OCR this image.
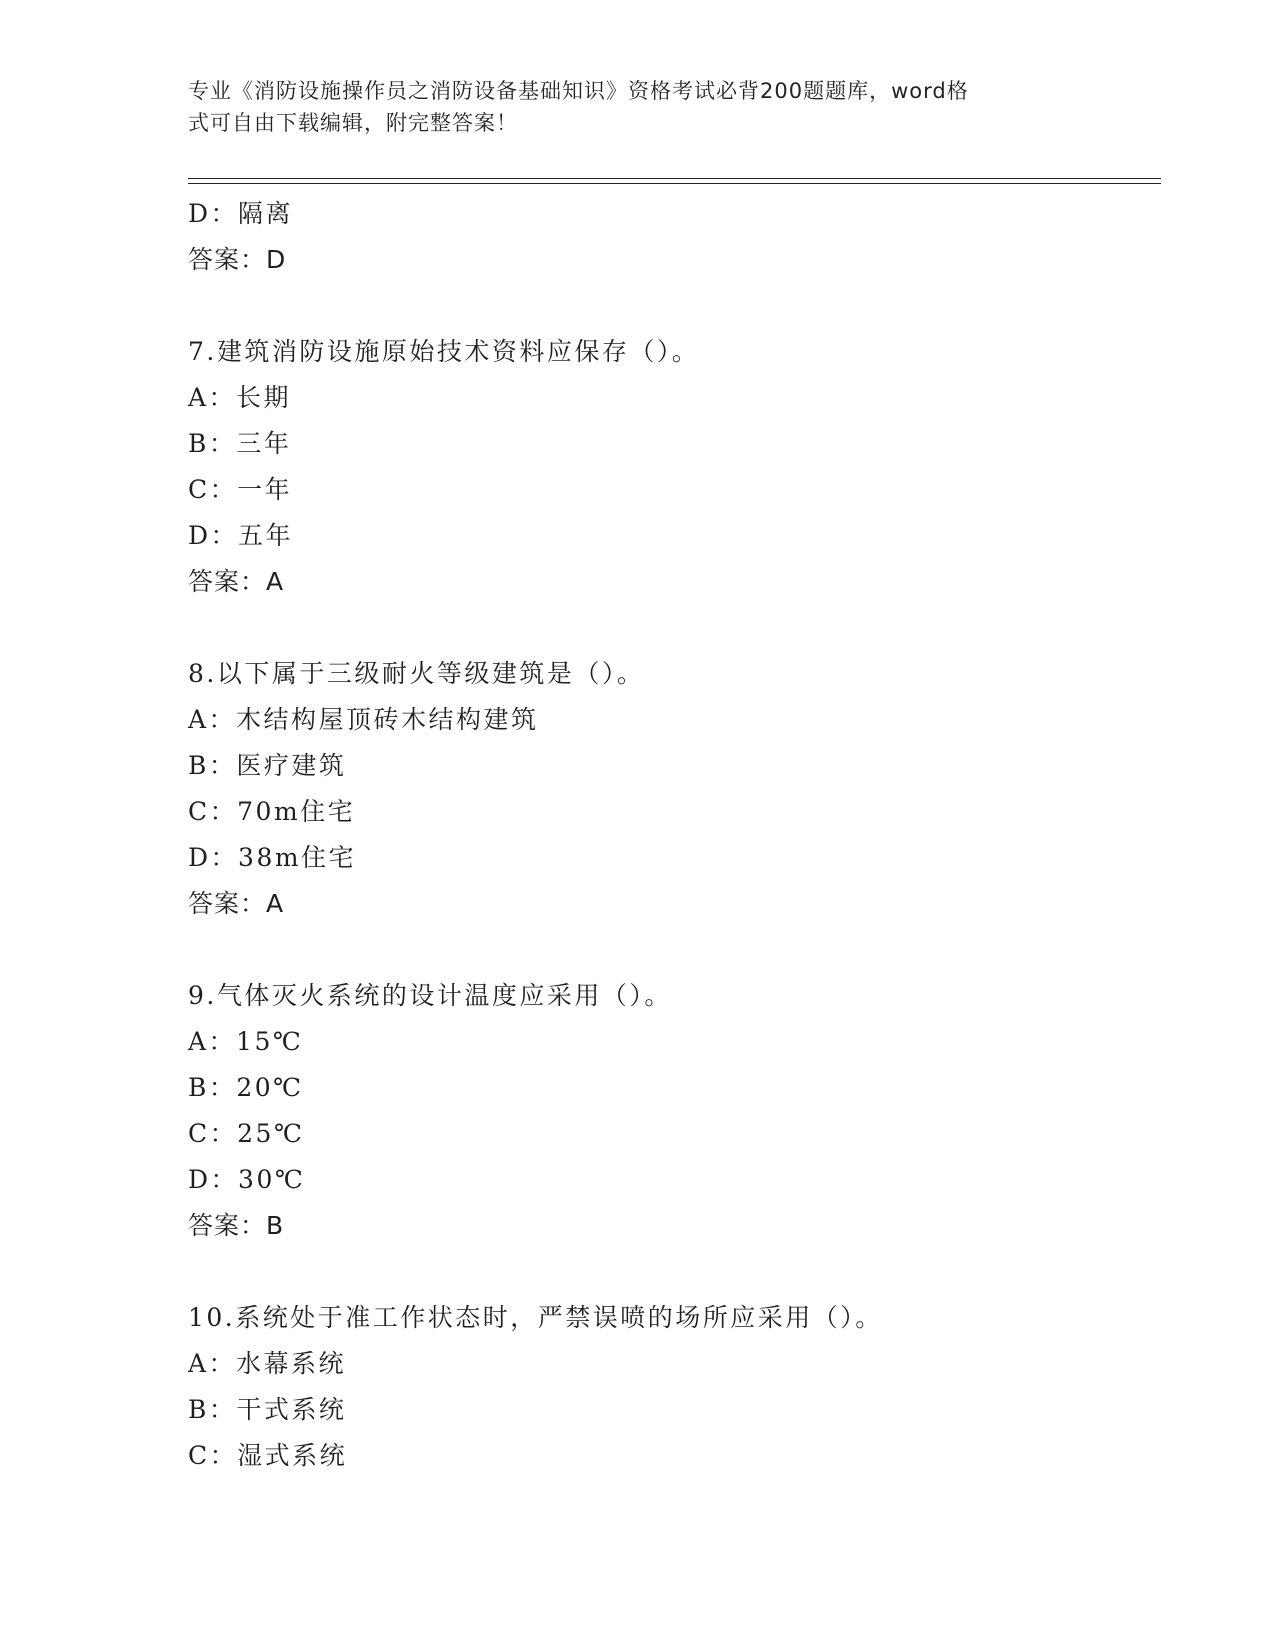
专业《消防设施操作员之消防设备基础知识》资格考试必背200题题库，word格
式可自由下载编辑，附完整答案！
D：隔离
答案：D
7.建筑消防设施原始技术资料应保存（）。
A：长期
B：三年
C：一年
D：五年
答案：A
8.以下属于三级耐火等级建筑是（）。
A：木结构屋顶砖木结构建筑
B：医疗建筑
C：70m住宅
D：38m住宅
答案：A
9.气体灭火系统的设计温度应采用（）。
A：15℃
B：20℃
C：25℃
D：30℃
答案：B
10.系统处于准工作状态时，严禁误喷的场所应采用（）。
A：水幕系统
B：干式系统
C：湿式系统
